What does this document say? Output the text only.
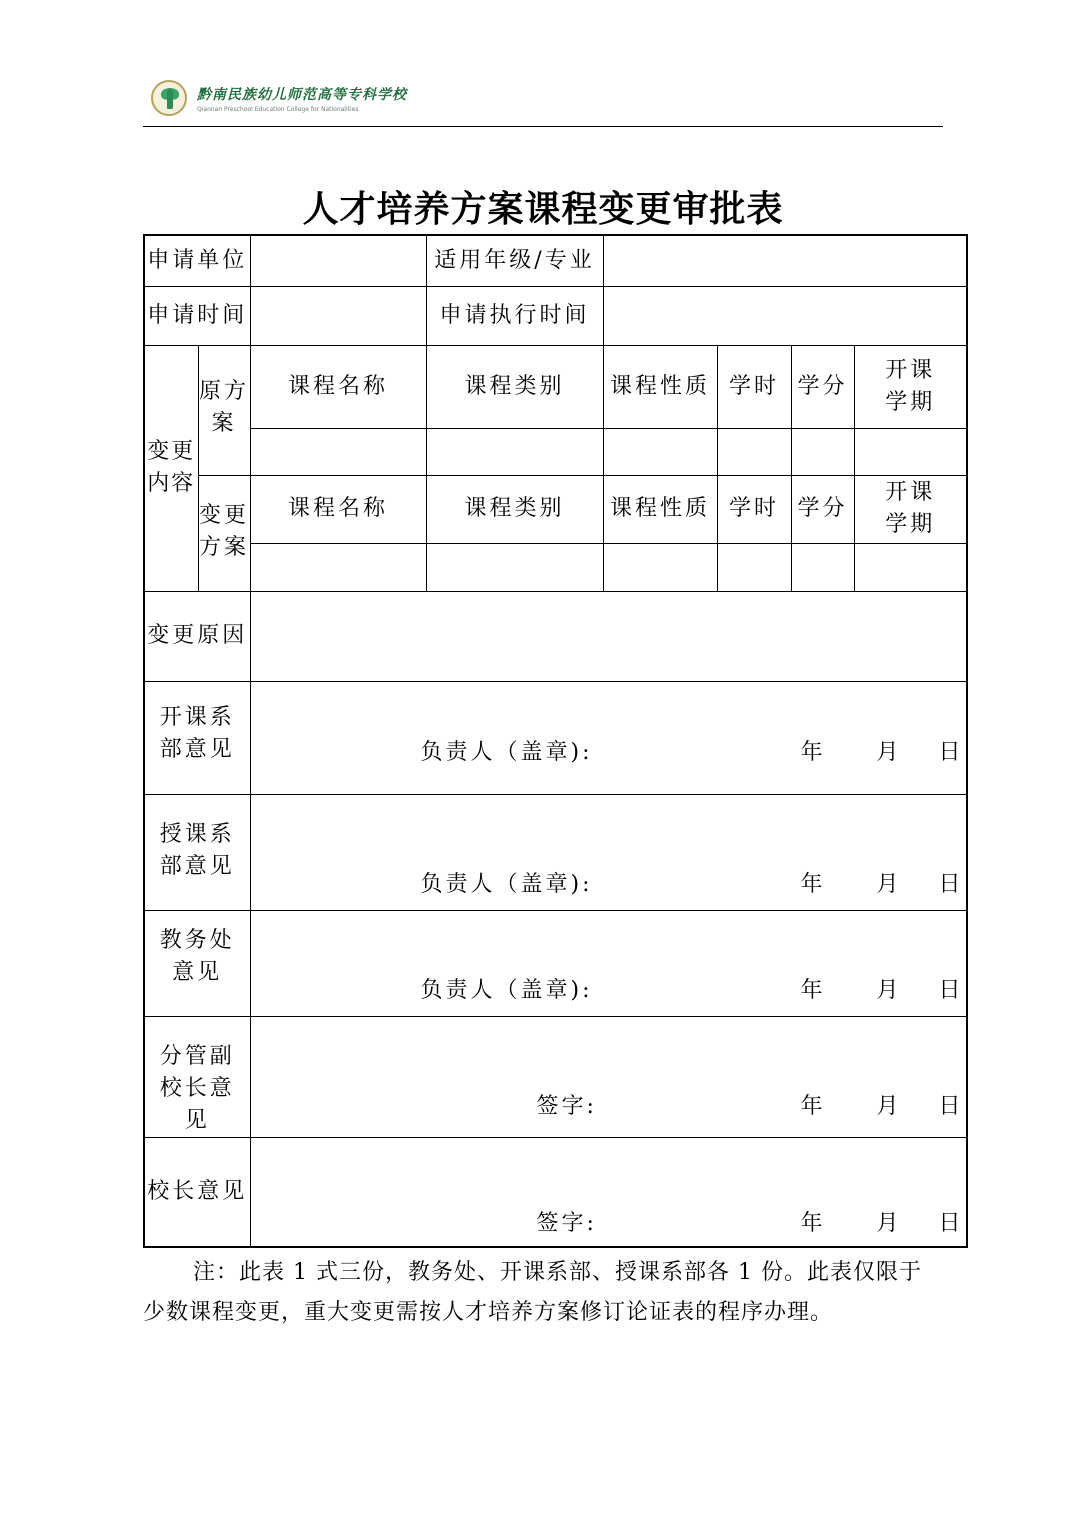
黔南民族幼儿师范高等专科学校
Qiannan Preschool Education College for Nationalities
人才培养方案课程变更审批表
申请单位			适用年级/专业				
申请时间			申请执行时间				
变更内容	原方案	课程名称	课程类别	课程性质	学时	学分	开课学期

	变更方案	课程名称	课程类别	课程性质	学时	学分	开课学期

变更原因							
开课系部意见		负责人（盖章): 年 月 日					

授课系部意见		负责人（盖章): 年 月 日					

教务处意见		负责人（盖章): 年 月 日					

分管副校长意见		签字: 年 月 日					

校长意见		签字: 年 月 日					
注：此表 1 式三份，教务处、开课系部、授课系部各 1 份。此表仅限于少数课程变更，重大变更需按人才培养方案修订论证表的程序办理。
